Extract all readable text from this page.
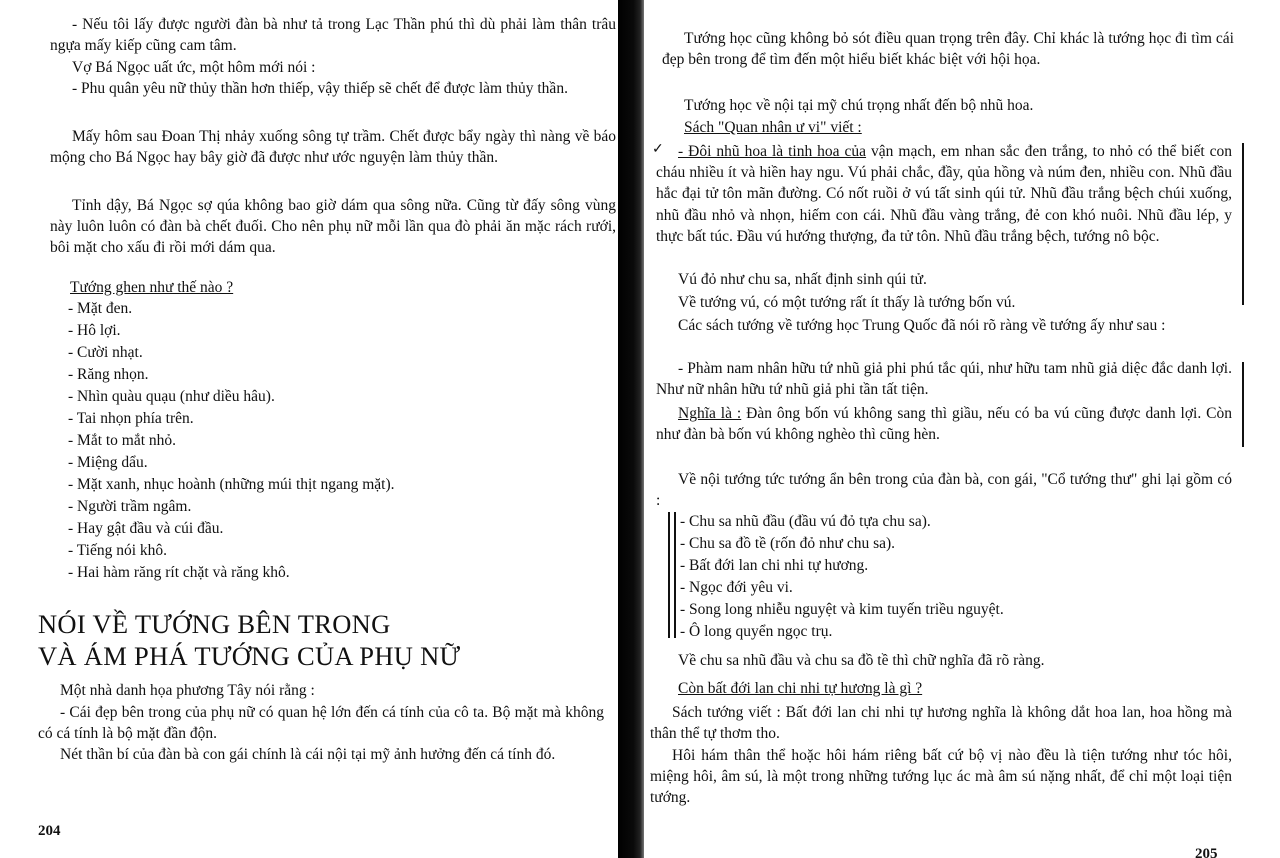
- Nếu tôi lấy được người đàn bà như tả trong Lạc Thần phú thì dù phải làm thân trâu ngựa mấy kiếp cũng cam tâm.
Vợ Bá Ngọc uất ức, một hôm mới nói :
- Phu quân yêu nữ thủy thần hơn thiếp, vậy thiếp sẽ chết để được làm thủy thần.
Mấy hôm sau Đoan Thị nhảy xuống sông tự trầm. Chết được bẩy ngày thì nàng về báo mộng cho Bá Ngọc hay bây giờ đã được như ước nguyện làm thủy thần.
Tỉnh dậy, Bá Ngọc sợ qúa không bao giờ dám qua sông nữa. Cũng từ đấy sông vùng này luôn luôn có đàn bà chết đuối. Cho nên phụ nữ mỗi lần qua đò phải ăn mặc rách rưới, bôi mặt cho xấu đi rồi mới dám qua.
Tướng ghen như thế nào ?
- Mặt đen.
- Hô lợi.
- Cười nhạt.
- Răng nhọn.
- Nhìn quàu quạu (như diều hâu).
- Tai nhọn phía trên.
- Mắt to mắt nhỏ.
- Miệng dẩu.
- Mặt xanh, nhục hoành (những múi thịt ngang mặt).
- Người trầm ngâm.
- Hay gật đầu và cúi đầu.
- Tiếng nói khô.
- Hai hàm răng rít chặt và răng khô.
NÓI VỀ TƯỚNG BÊN TRONG
VÀ ÁM PHÁ TƯỚNG CỦA PHỤ NỮ
Một nhà danh họa phương Tây nói rằng :
- Cái đẹp bên trong của phụ nữ có quan hệ lớn đến cá tính của cô ta. Bộ mặt mà không có cá tính là bộ mặt đần độn.
Nét thần bí của đàn bà con gái chính là cái nội tại mỹ ảnh hưởng đến cá tính đó.
204
Tướng học cũng không bỏ sót điều quan trọng trên đây. Chỉ khác là tướng học đi tìm cái đẹp bên trong để tìm đến một hiểu biết khác biệt với hội họa.
Tướng học về nội tại mỹ chú trọng nhất đến bộ nhũ hoa.
Sách "Quan nhân ư vi" viết :
- Đôi nhũ hoa là tinh hoa của vận mạch, em nhan sắc đen trắng, to nhỏ có thể biết con cháu nhiều ít và hiền hay ngu. Vú phải chắc, đầy, qủa hồng và núm đen, nhiều con. Nhũ đầu hắc đại tử tôn mãn đường. Có nốt ruồi ở vú tất sinh qúi tử. Nhũ đầu trắng bệch chúi xuống, nhũ đầu nhỏ và nhọn, hiếm con cái. Nhũ đầu vàng trắng, đẻ con khó nuôi. Nhũ đầu lép, y thực bất túc. Đầu vú hướng thượng, đa tử tôn. Nhũ đầu trắng bệch, tướng nô bộc.
Vú đỏ như chu sa, nhất định sinh qúi tử.
Về tướng vú, có một tướng rất ít thấy là tướng bốn vú.
Các sách tướng về tướng học Trung Quốc đã nói rõ ràng về tướng ấy như sau :
- Phàm nam nhân hữu tứ nhũ giả phi phú tắc qúi, như hữu tam nhũ giả diệc đắc danh lợi. Như nữ nhân hữu tứ nhũ giả phi tần tất tiện.
Nghĩa là : Đàn ông bốn vú không sang thì giầu, nếu có ba vú cũng được danh lợi. Còn như đàn bà bốn vú không nghèo thì cũng hèn.
Về nội tướng tức tướng ẩn bên trong của đàn bà, con gái, "Cổ tướng thư" ghi lại gồm có :
- Chu sa nhũ đầu (đầu vú đỏ tựa chu sa).
- Chu sa đồ tề (rốn đỏ như chu sa).
- Bất đới lan chi nhi tự hương.
- Ngọc đới yêu vi.
- Song long nhiễu nguyệt và kim tuyến triều nguyệt.
- Ô long quyển ngọc trụ.
Về chu sa nhũ đầu và chu sa đồ tề thì chữ nghĩa đã rõ ràng.
Còn bất đới lan chi nhi tự hương là gì ?
Sách tướng viết : Bất đới lan chi nhi tự hương nghĩa là không dắt hoa lan, hoa hồng mà thân thể tự thơm tho.
Hôi hám thân thể hoặc hôi hám riêng bất cứ bộ vị nào đều là tiện tướng như tóc hôi, miệng hôi, âm sú, là một trong những tướng lục ác mà âm sú nặng nhất, để chỉ một loại tiện tướng.
205
✓
